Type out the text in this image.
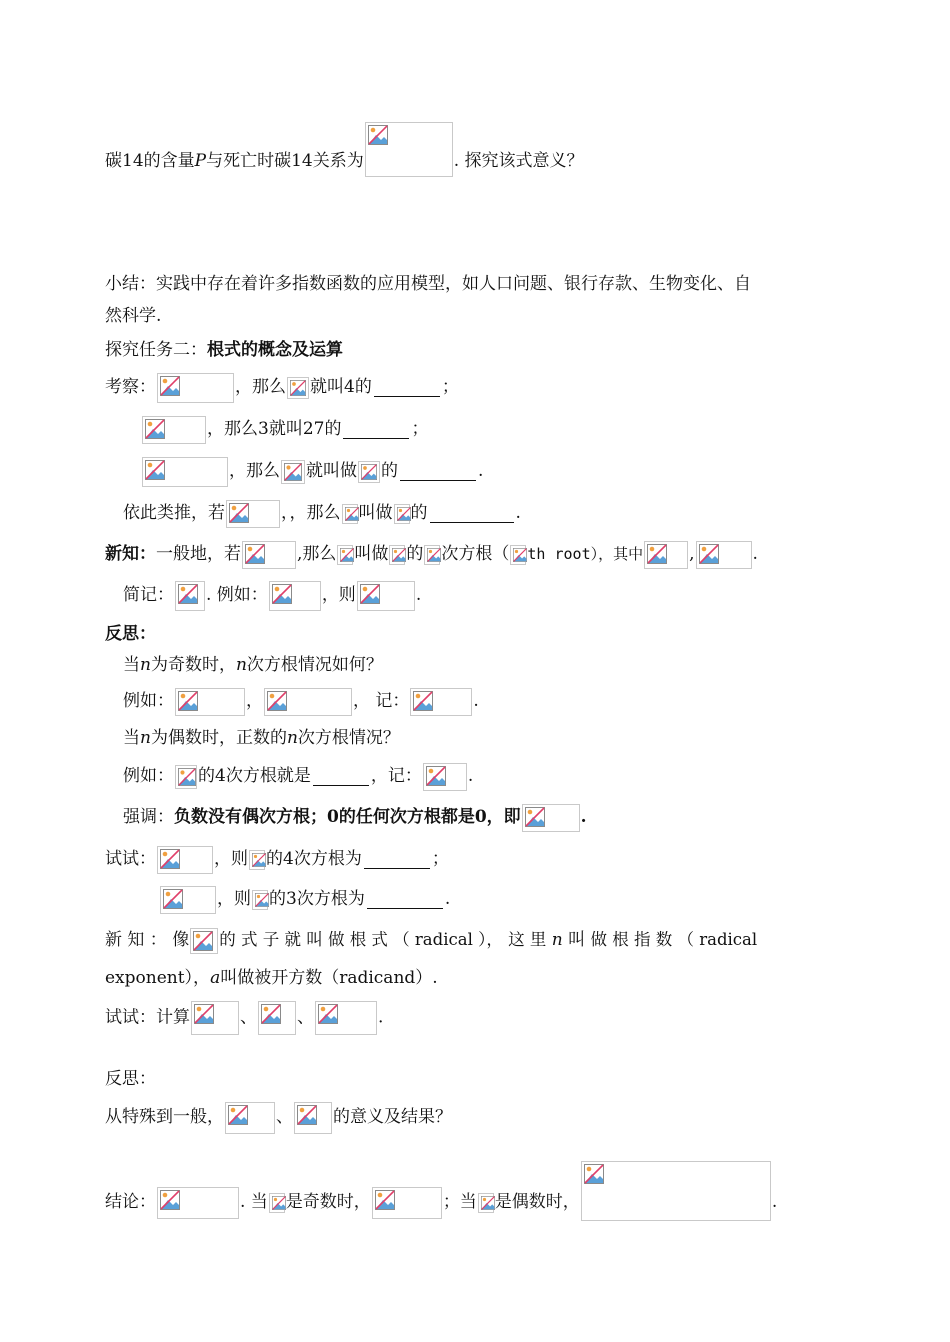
碳14的含量P与死亡时碳14关系为	. 探究该式意义？
小结：实践中存在着许多指数函数的应用模型，如人口问题、银行存款、生物变化、自
然科学.
探究任务二：根式的概念及运算
考察：	，那么 就叫4的	；
，那么3就叫27的	；
，那么 就叫做 的	.
依此类推，若	，，那么 叫做 的	.
新知：一般地，若	,那么 叫做 的 次方根（ th root），其中	,	.
简记： . 例如：	，则	.
反思：
当n为奇数时，n次方根情况如何？
例如：	，	， 记：	.
当n为偶数时，正数的n次方根情况？
例如： 的4次方根就是	，记：	.
强调：负数没有偶次方根；0的任何次方根都是0，即	.
试试：	，则 的4次方根为	；
，则 的3次方根为	.
新 知 ： 像 的 式 子 就 叫 做 根 式 （ radical ）， 这 里 n 叫 做 根 指 数 （ radical
exponent），a叫做被开方数（radicand）.
试试：计算	、 、	.
反思：
从特殊到一般，	、 的意义及结果？
结论：	. 当 是奇数时，	；当 是偶数时，	.
